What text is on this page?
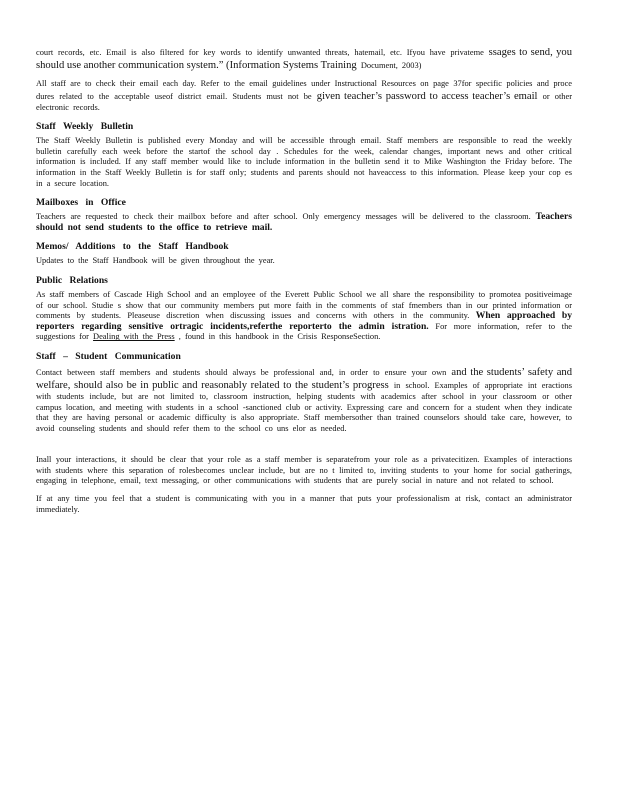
court records, etc. Email is also filtered for key words to identify unwanted threats, hatemail, etc. Ifyou have privateme ssages to send, you should use another communication system.” (Information Systems Training Document, 2003)

All staff are to check their email each day. Refer to the email guidelines under Instructional Resources on page 37for specific policies and proce dures related to the acceptable useof district email. Students must not be given teacher’s password to access teacher’s email or other electronic records.

Staff Weekly Bulletin

The Staff Weekly Bulletin is published every Monday and will be accessible through email. Staff members are responsible to read the weekly bulletin carefully each week before the startof the school day . Schedules for the week, calendar changes, important news and other critical information is included. If any staff member would like to include information in the bulletin send it to Mike Washington the Friday before. The information in the Staff Weekly Bulletin is for staff only; students and parents should not haveaccess to this information. Please keep your cop es in a secure location.

Mailboxes in Office

Teachers are requested to check their mailbox before and after school. Only emergency messages will be delivered to the classroom. Teachers should not send students to the office to retrieve mail.

Memos/ Additions to the Staff Handbook

Updates to the Staff Handbook will be given throughout the year.

Public Relations

As staff members of Cascade High School and an employee of the Everett Public School we all share the responsibility to promotea positiveimage of our school. Studie s show that our community members put more faith in the comments of staf fmembers than in our printed information or comments by students. Pleaseuse discretion when discussing issues and concerns with others in the community. When approached by reporters regarding sensitive ortragic incidents,referthe reporterto the admin istration. For more information, refer to the suggestions for Dealing with the Press , found in this handbook in the Crisis ResponseSection.

Staff – Student Communication

Contact between staff members and students should always be professional and, in order to ensure your own and the students’ safety and welfare, should also be in public and reasonably related to the student’s progress in school. Examples of appropriate int eractions with students include, but are not limited to, classroom instruction, helping students with academics after school in your classroom or other campus location, and meeting with students in a school -sanctioned club or activity. Expressing care and concern for a student when they indicate that they are having personal or academic difficulty is also appropriate. Staff membersother than trained counselors should take care, however, to avoid counseling students and should refer them to the school co uns elor as needed.

Inall your interactions, it should be clear that your role as a staff member is separatefrom your role as a privatecitizen. Examples of interactions with students where this separation of rolesbecomes unclear include, but are no t limited to, inviting students to your home for social gatherings, engaging in telephone, email, text messaging, or other communications with students that are purely social in nature and not related to school.

If at any time you feel that a student is communicating with you in a manner that puts your professionalism at risk, contact an administrator immediately.
